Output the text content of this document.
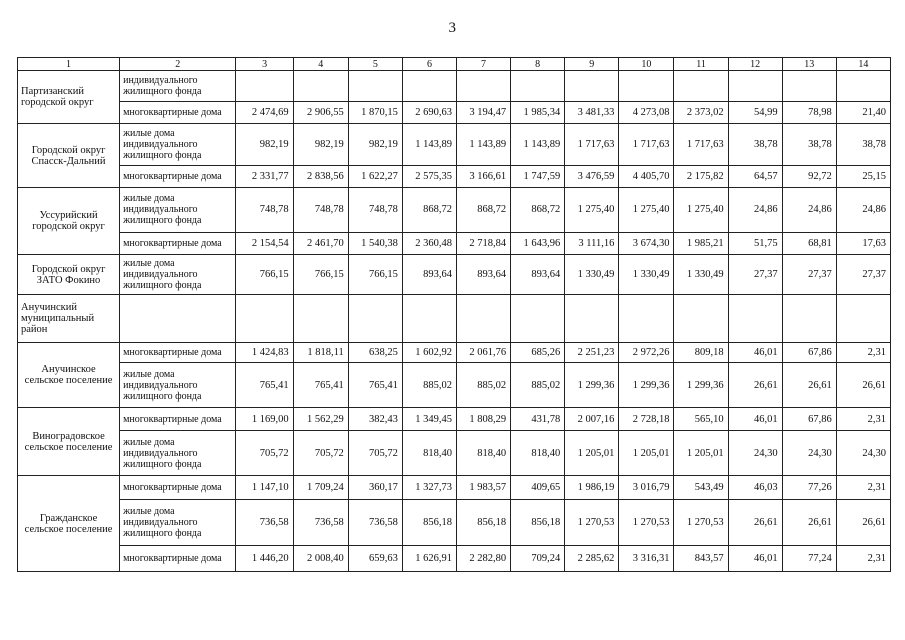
3
1	2	3	4	5	6	7	8	9	10	11	12	13	14
Партизанский городской округ	индивидуального жилищного фонда												
	многоквартирные дома	2 474,69	2 906,55	1 870,15	2 690,63	3 194,47	1 985,34	3 481,33	4 273,08	2 373,02	54,99	78,98	21,40
Городской округ Спасск-Дальний	жилые дома индивидуального жилищного фонда	982,19	982,19	982,19	1 143,89	1 143,89	1 143,89	1 717,63	1 717,63	1 717,63	38,78	38,78	38,78
	многоквартирные дома	2 331,77	2 838,56	1 622,27	2 575,35	3 166,61	1 747,59	3 476,59	4 405,70	2 175,82	64,57	92,72	25,15
Уссурийский городской округ	жилые дома индивидуального жилищного фонда	748,78	748,78	748,78	868,72	868,72	868,72	1 275,40	1 275,40	1 275,40	24,86	24,86	24,86
	многоквартирные дома	2 154,54	2 461,70	1 540,38	2 360,48	2 718,84	1 643,96	3 111,16	3 674,30	1 985,21	51,75	68,81	17,63
Городской округ ЗАТО Фокино	жилые дома индивидуального жилищного фонда	766,15	766,15	766,15	893,64	893,64	893,64	1 330,49	1 330,49	1 330,49	27,37	27,37	27,37
Анучинский муниципальный район													
Анучинское сельское поселение	многоквартирные дома	1 424,83	1 818,11	638,25	1 602,92	2 061,76	685,26	2 251,23	2 972,26	809,18	46,01	67,86	2,31
	жилые дома индивидуального жилищного фонда	765,41	765,41	765,41	885,02	885,02	885,02	1 299,36	1 299,36	1 299,36	26,61	26,61	26,61
Виноградовское сельское поселение	многоквартирные дома	1 169,00	1 562,29	382,43	1 349,45	1 808,29	431,78	2 007,16	2 728,18	565,10	46,01	67,86	2,31
	жилые дома индивидуального жилищного фонда	705,72	705,72	705,72	818,40	818,40	818,40	1 205,01	1 205,01	1 205,01	24,30	24,30	24,30
Гражданское сельское поселение	многоквартирные дома	1 147,10	1 709,24	360,17	1 327,73	1 983,57	409,65	1 986,19	3 016,79	543,49	46,03	77,26	2,31
	жилые дома индивидуального жилищного фонда	736,58	736,58	736,58	856,18	856,18	856,18	1 270,53	1 270,53	1 270,53	26,61	26,61	26,61
	многоквартирные дома	1 446,20	2 008,40	659,63	1 626,91	2 282,80	709,24	2 285,62	3 316,31	843,57	46,01	77,24	2,31
